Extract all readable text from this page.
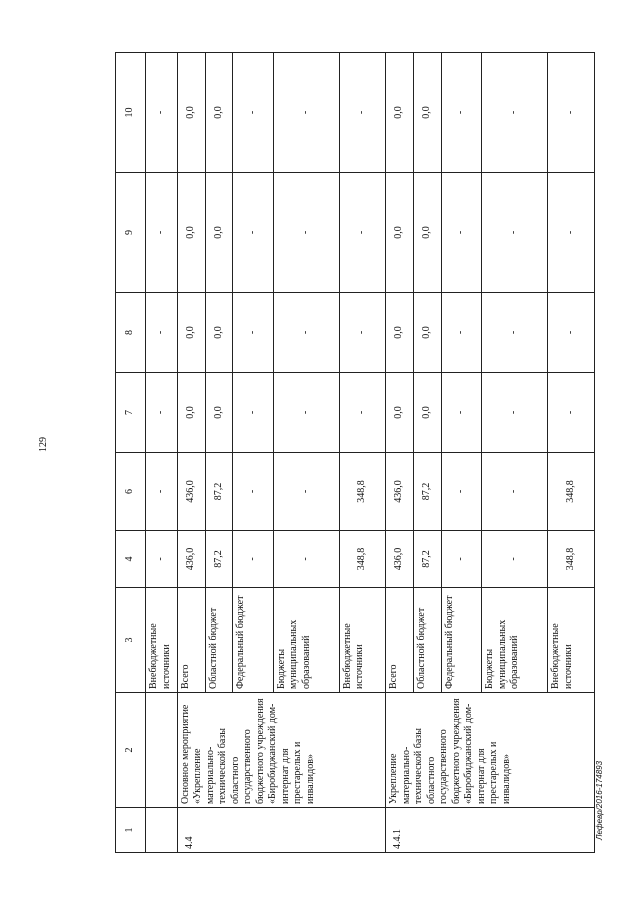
129
Лефевр/2016-174893
1	2	3	4	6	7	8	9	10
		Внебюджетные источники	-	-	-	-	-	-
4.4	Основное мероприятие «Укрепление материально-технической базы областного государственного бюджетного учреждения «Биробиджанский дом-интернат для престарелых и инвалидов»	Всего	436,0	436,0	0,0	0,0	0,0	0,0
		Областной бюджет	87,2	87,2	0,0	0,0	0,0	0,0
		Федеральный бюджет	-	-	-	-	-	-
		Бюджеты муниципальных образований	-	-	-	-	-	-
		Внебюджетные источники	348,8	348,8	-	-	-	-
4.4.1	Укрепление материально-технической базы областного государственного бюджетного учреждения «Биробиджанский дом-интернат для престарелых и инвалидов»	Всего	436,0	436,0	0,0	0,0	0,0	0,0
		Областной бюджет	87,2	87,2	0,0	0,0	0,0	0,0
		Федеральный бюджет	-	-	-	-	-	-
		Бюджеты муниципальных образований	-	-	-	-	-	-
		Внебюджетные источники	348,8	348,8	-	-	-	-
